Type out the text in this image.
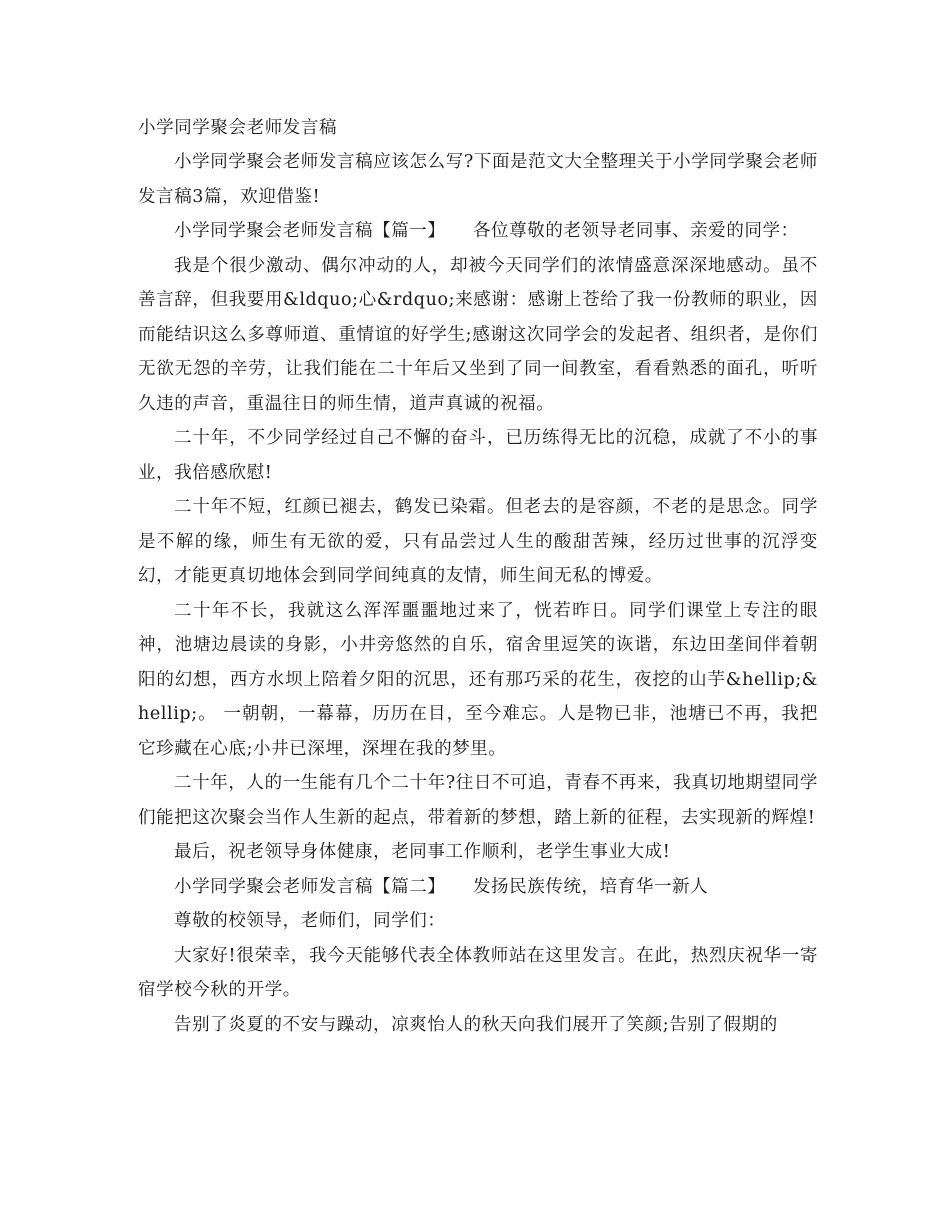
小学同学聚会老师发言稿
小学同学聚会老师发言稿应该怎么写?下面是范文大全整理关于小学同学聚会老师发言稿3篇，欢迎借鉴!
小学同学聚会老师发言稿【篇一】　　各位尊敬的老领导老同事、亲爱的同学：
我是个很少激动、偶尔冲动的人，却被今天同学们的浓情盛意深深地感动。虽不善言辞，但我要用&ldquo;心&rdquo;来感谢：感谢上苍给了我一份教师的职业，因而能结识这么多尊师道、重情谊的好学生;感谢这次同学会的发起者、组织者，是你们无欲无怨的辛劳，让我们能在二十年后又坐到了同一间教室，看看熟悉的面孔，听听久违的声音，重温往日的师生情，道声真诚的祝福。
二十年，不少同学经过自己不懈的奋斗，已历练得无比的沉稳，成就了不小的事业，我倍感欣慰!
二十年不短，红颜已褪去，鹤发已染霜。但老去的是容颜，不老的是思念。同学是不解的缘，师生有无欲的爱，只有品尝过人生的酸甜苦辣，经历过世事的沉浮变幻，才能更真切地体会到同学间纯真的友情，师生间无私的博爱。
二十年不长，我就这么浑浑噩噩地过来了，恍若昨日。同学们课堂上专注的眼神，池塘边晨读的身影，小井旁悠然的自乐，宿舍里逗笑的诙谐，东边田垄间伴着朝阳的幻想，西方水坝上陪着夕阳的沉思，还有那巧采的花生，夜挖的山芋&hellip;&hellip;。 一朝朝，一幕幕，历历在目，至今难忘。人是物已非，池塘已不再，我把它珍藏在心底;小井已深埋，深埋在我的梦里。
二十年，人的一生能有几个二十年?往日不可追，青春不再来，我真切地期望同学们能把这次聚会当作人生新的起点，带着新的梦想，踏上新的征程，去实现新的辉煌!
最后，祝老领导身体健康，老同事工作顺利，老学生事业大成!
小学同学聚会老师发言稿【篇二】　　发扬民族传统，培育华一新人
尊敬的校领导，老师们，同学们：
大家好!很荣幸，我今天能够代表全体教师站在这里发言。在此，热烈庆祝华一寄宿学校今秋的开学。
告别了炎夏的不安与躁动，凉爽怡人的秋天向我们展开了笑颜;告别了假期的
